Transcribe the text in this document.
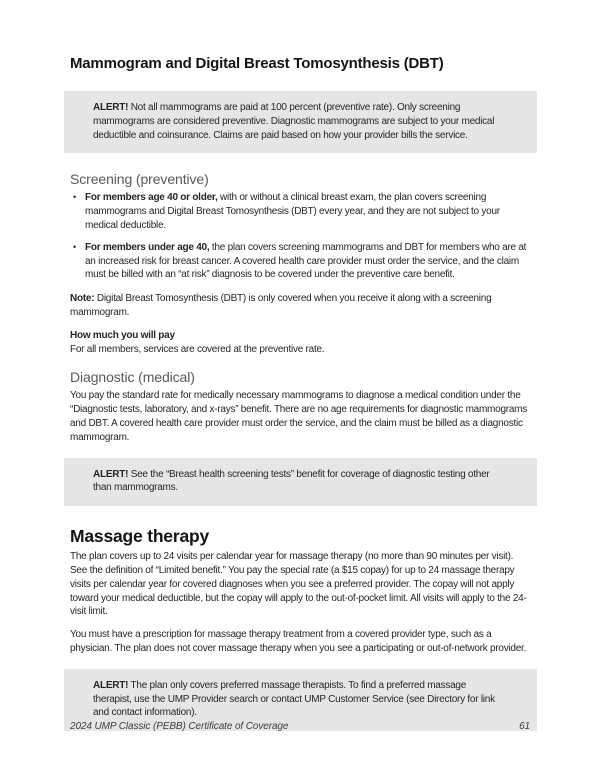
Mammogram and Digital Breast Tomosynthesis (DBT)

ALERT! Not all mammograms are paid at 100 percent (preventive rate). Only screening mammograms are considered preventive. Diagnostic mammograms are subject to your medical deductible and coinsurance. Claims are paid based on how your provider bills the service.

Screening (preventive)
• For members age 40 or older, with or without a clinical breast exam, the plan covers screening mammograms and Digital Breast Tomosynthesis (DBT) every year, and they are not subject to your medical deductible.
• For members under age 40, the plan covers screening mammograms and DBT for members who are at an increased risk for breast cancer. A covered health care provider must order the service, and the claim must be billed with an “at risk” diagnosis to be covered under the preventive care benefit.

Note: Digital Breast Tomosynthesis (DBT) is only covered when you receive it along with a screening mammogram.

How much you will pay

For all members, services are covered at the preventive rate.

Diagnostic (medical)

You pay the standard rate for medically necessary mammograms to diagnose a medical condition under the “Diagnostic tests, laboratory, and x-rays” benefit. There are no age requirements for diagnostic mammograms and DBT. A covered health care provider must order the service, and the claim must be billed as a diagnostic mammogram.

ALERT! See the “Breast health screening tests” benefit for coverage of diagnostic testing other than mammograms.

Massage therapy

The plan covers up to 24 visits per calendar year for massage therapy (no more than 90 minutes per visit). See the definition of “Limited benefit.” You pay the special rate (a $15 copay) for up to 24 massage therapy visits per calendar year for covered diagnoses when you see a preferred provider. The copay will not apply toward your medical deductible, but the copay will apply to the out-of-pocket limit. All visits will apply to the 24-visit limit.

You must have a prescription for massage therapy treatment from a covered provider type, such as a physician. The plan does not cover massage therapy when you see a participating or out-of-network provider.

ALERT! The plan only covers preferred massage therapists. To find a preferred massage therapist, use the UMP Provider search or contact UMP Customer Service (see Directory for link and contact information).

2024 UMP Classic (PEBB) Certificate of Coverage	61
